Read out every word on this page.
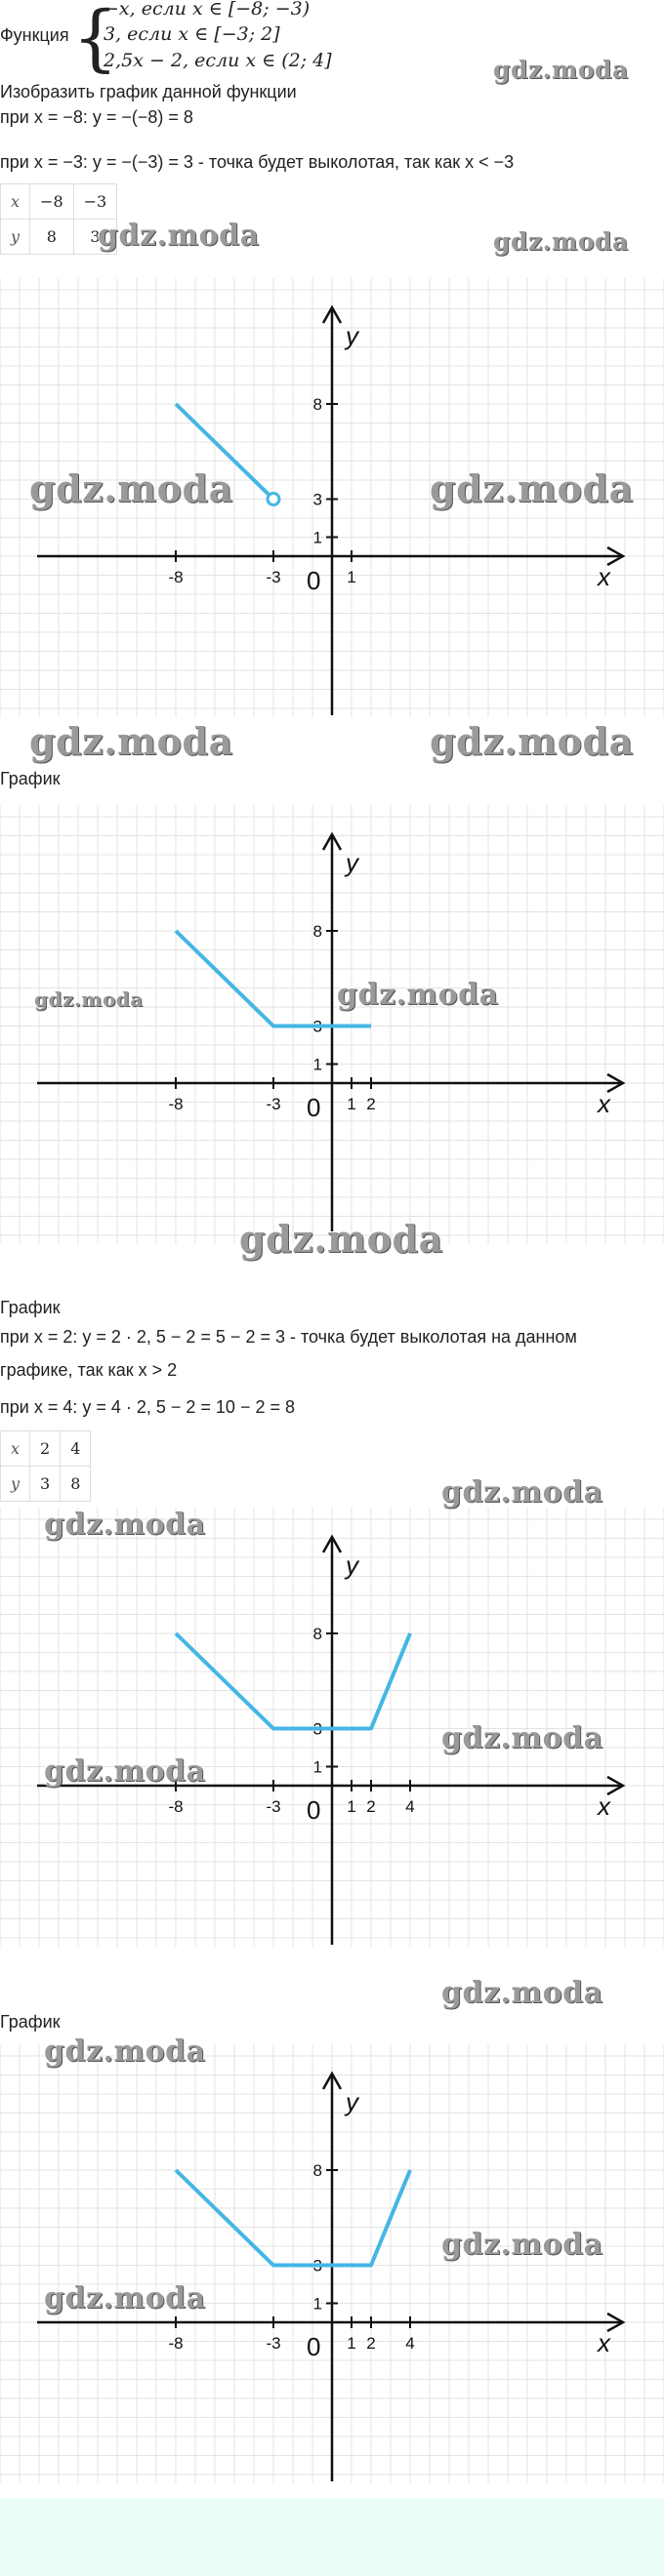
Функция {
−x, если x ∈ [−8; −3)
3, если x ∈ [−3; 2]
2,5x − 2, если x ∈ (2; 4]
Изобразить график данной функции
при x = −8: y = −(−8) = 8
при x = −3: y = −(−3) = 3 - точка будет выколотая, так как x < −3
x	−8	−3
y	8	3
x
y
0
-8	-3	1
8
3
1
График
x
y
0
-8	-3	1 2
8
3
1
График
при x = 2: y = 2 · 2, 5 − 2 = 5 − 2 = 3 - точка будет выколотая на данном
графике, так как x > 2
при x = 4: y = 4 · 2, 5 − 2 = 10 − 2 = 8
x	2	4
y	3	8
x
y
0
-8	-3	1 2 4
8
3
1
График
x
y
0
-8	-3	1 2 4
8
3
1
gdz.moda
gdz.moda	gdz.moda
gdz.moda	gdz.moda
gdz.moda	gdz.moda
gdz.moda	gdz.moda
gdz.moda
gdz.moda
gdz.moda
gdz.moda
gdz.moda
gdz.moda
gdz.moda
gdz.moda
gdz.moda
